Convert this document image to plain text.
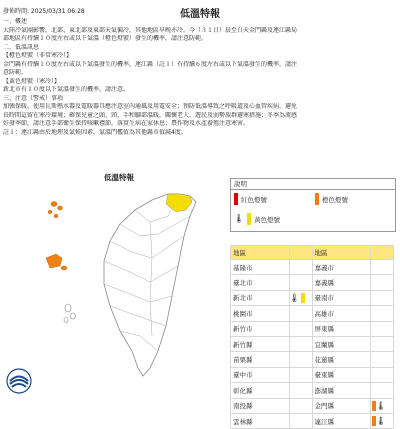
發佈時間: 2025/03/31 06:28	低溫特報
一、概述
大陸冷氣團影響，北部、東北部及東部天氣偏冷，其他地區早晚亦冷。今（３１日）晨至白天金門縣及連江縣局
部地區有持續１０度左右或以下氣溫（橙色燈號）發生的機率，請注意防範。
二、低溫訊息
【橙色燈號（非常寒冷）】
金門縣有持續１０度左右或以下氣溫發生的機率，連江縣（註１）有持續６度左右或以下氣溫發生的機率，請注
意防範。
【黃色燈號（寒冷）】
新北市有１０度以下氣溫發生的機率，請注意。
三、注意（警戒）事項
加強保暖，使用瓦斯熱水器及電暖器具應注意室內通風及用電安全；預防低溫導致之呼吸道及心血管疾病，避免
長時間這留在寒冷環境；確保兒童之頭、頸、手和腳部溫暖，關懷老人、遊民及弱勢族群避寒措施；冬季為流感
好發季節，請注意手部衛生保持咳嗽禮節，落實生病在家休息；農作物及水產養殖注意寒害。
註１：連江縣由於地理及氣候因素，氣溫門檻值為其他縣市值減4度。
低溫特報
說明
紅色燈號	橙色燈號
🌡 黃色燈號
地區		地區	
基隆市		嘉義市	
臺北市		嘉義縣	
新北市	🌡	臺南市	
桃園市		高雄市	
新竹市		屏東縣	
新竹縣		宜蘭縣	
苗栗縣		花蓮縣	
臺中市		臺東縣	
彰化縣		澎湖縣	
南投縣		金門縣	🌡
雲林縣		連江縣	🌡
